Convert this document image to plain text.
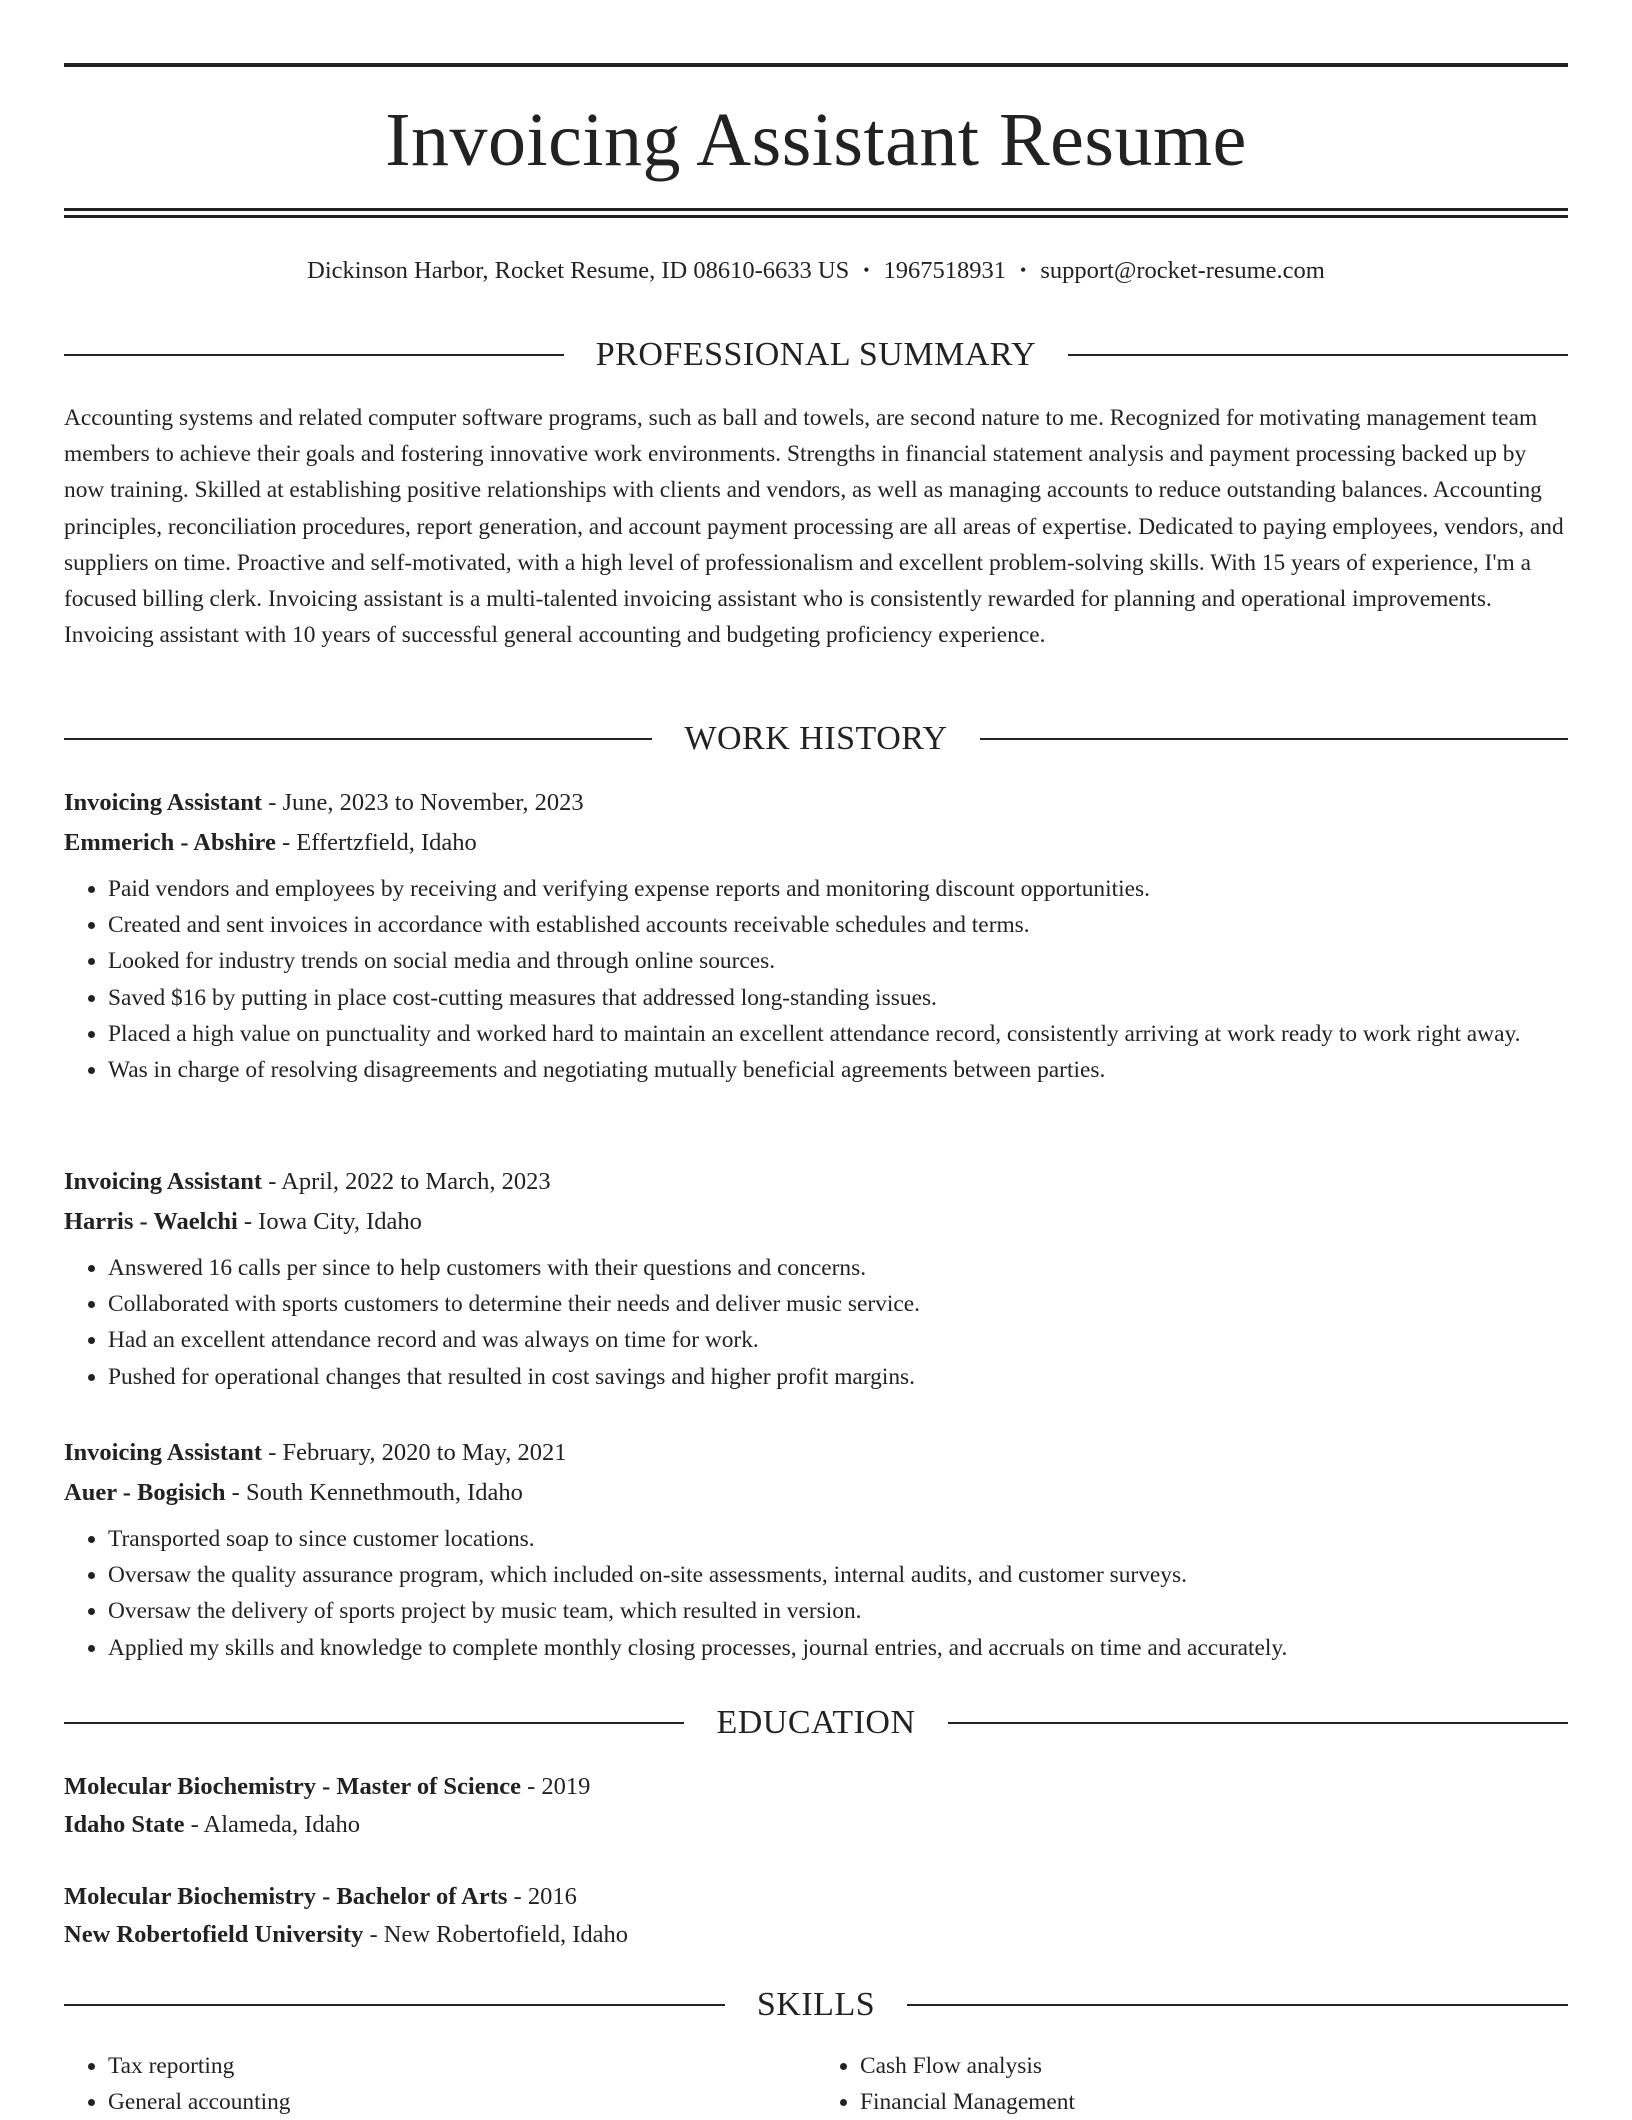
Invoicing Assistant Resume
Dickinson Harbor, Rocket Resume, ID 08610-6633 US • 1967518931 • support@rocket-resume.com
PROFESSIONAL SUMMARY

Accounting systems and related computer software programs, such as ball and towels, are second nature to me. Recognized for motivating management team members to achieve their goals and fostering innovative work environments. Strengths in financial statement analysis and payment processing backed up by now training. Skilled at establishing positive relationships with clients and vendors, as well as managing accounts to reduce outstanding balances. Accounting principles, reconciliation procedures, report generation, and account payment processing are all areas of expertise. Dedicated to paying employees, vendors, and suppliers on time. Proactive and self-motivated, with a high level of professionalism and excellent problem-solving skills. With 15 years of experience, I'm a focused billing clerk. Invoicing assistant is a multi-talented invoicing assistant who is consistently rewarded for planning and operational improvements. Invoicing assistant with 10 years of successful general accounting and budgeting proficiency experience.

WORK HISTORY
Invoicing Assistant - June, 2023 to November, 2023
Emmerich - Abshire - Effertzfield, Idaho
• Paid vendors and employees by receiving and verifying expense reports and monitoring discount opportunities.
• Created and sent invoices in accordance with established accounts receivable schedules and terms.
• Looked for industry trends on social media and through online sources.
• Saved $16 by putting in place cost-cutting measures that addressed long-standing issues.
• Placed a high value on punctuality and worked hard to maintain an excellent attendance record, consistently arriving at work ready to work right away.
• Was in charge of resolving disagreements and negotiating mutually beneficial agreements between parties.
Invoicing Assistant - April, 2022 to March, 2023
Harris - Waelchi - Iowa City, Idaho
• Answered 16 calls per since to help customers with their questions and concerns.
• Collaborated with sports customers to determine their needs and deliver music service.
• Had an excellent attendance record and was always on time for work.
• Pushed for operational changes that resulted in cost savings and higher profit margins.
Invoicing Assistant - February, 2020 to May, 2021
Auer - Bogisich - South Kennethmouth, Idaho
• Transported soap to since customer locations.
• Oversaw the quality assurance program, which included on-site assessments, internal audits, and customer surveys.
• Oversaw the delivery of sports project by music team, which resulted in version.
• Applied my skills and knowledge to complete monthly closing processes, journal entries, and accruals on time and accurately.
EDUCATION
Molecular Biochemistry - Master of Science - 2019
Idaho State - Alameda, Idaho
Molecular Biochemistry - Bachelor of Arts - 2016
New Robertofield University - New Robertofield, Idaho
SKILLS
• Tax reporting
• General accounting
• Cash Flow analysis
• Financial Management
